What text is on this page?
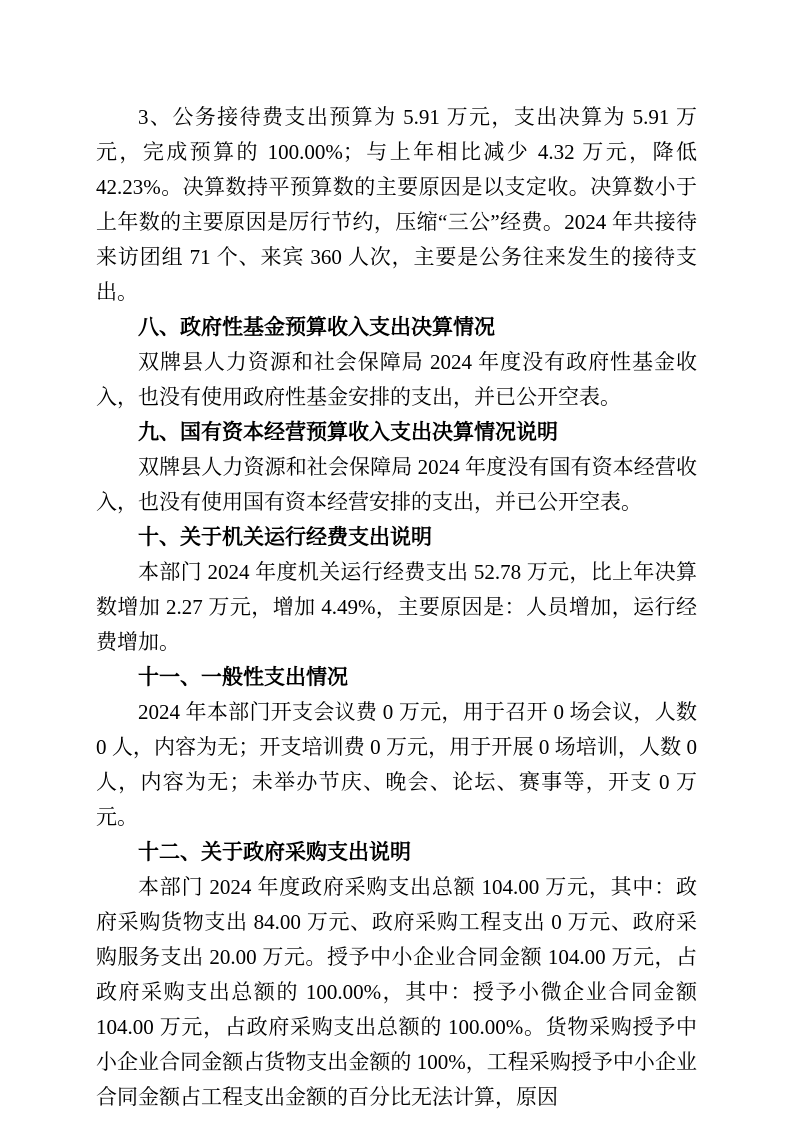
3、公务接待费支出预算为 5.91 万元，支出决算为 5.91 万元，完成预算的 100.00%；与上年相比减少 4.32 万元，降低 42.23%。决算数持平预算数的主要原因是以支定收。决算数小于上年数的主要原因是厉行节约，压缩“三公”经费。2024 年共接待来访团组 71 个、来宾 360 人次，主要是公务往来发生的接待支出。

八、政府性基金预算收入支出决算情况

双牌县人力资源和社会保障局 2024 年度没有政府性基金收入，也没有使用政府性基金安排的支出，并已公开空表。

九、国有资本经营预算收入支出决算情况说明

双牌县人力资源和社会保障局 2024 年度没有国有资本经营收入，也没有使用国有资本经营安排的支出，并已公开空表。

十、关于机关运行经费支出说明

本部门 2024 年度机关运行经费支出 52.78 万元，比上年决算数增加 2.27 万元，增加 4.49%，主要原因是：人员增加，运行经费增加。

十一、一般性支出情况

2024 年本部门开支会议费 0 万元，用于召开 0 场会议，人数 0 人，内容为无；开支培训费 0 万元，用于开展 0 场培训，人数 0 人，内容为无；未举办节庆、晚会、论坛、赛事等，开支 0 万元。

十二、关于政府采购支出说明

本部门 2024 年度政府采购支出总额 104.00 万元，其中：政府采购货物支出 84.00 万元、政府采购工程支出 0 万元、政府采购服务支出 20.00 万元。授予中小企业合同金额 104.00 万元，占政府采购支出总额的 100.00%，其中：授予小微企业合同金额 104.00 万元，占政府采购支出总额的 100.00%。货物采购授予中小企业合同金额占货物支出金额的 100%，工程采购授予中小企业合同金额占工程支出金额的百分比无法计算，原因
